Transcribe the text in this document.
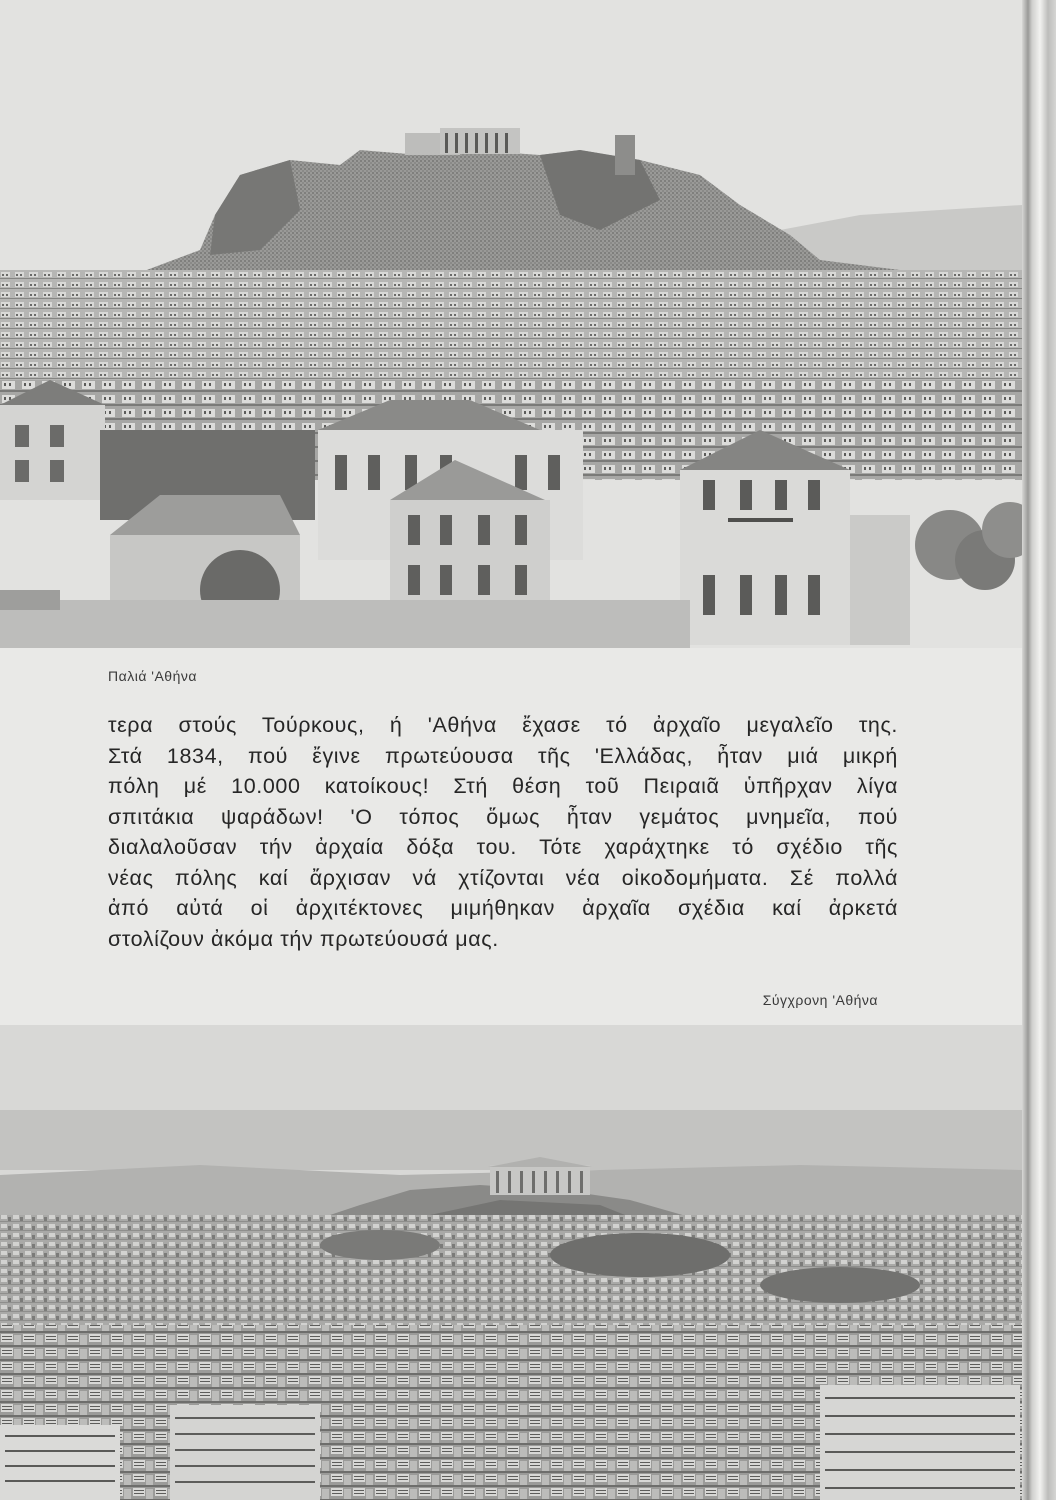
Παλιά 'Αθήνα
τερα στούς Τούρκους, ή 'Αθήνα ἔχασε τό ἀρχαῖο μεγαλεῖο της.
Στά 1834, πού ἔγινε πρωτεύουσα τῆς 'Ελλάδας, ἦταν μιά μικρή
πόλη μέ 10.000 κατοίκους! Στή θέση τοῦ Πειραιᾶ ὑπῆρχαν λίγα
σπιτάκια ψαράδων! 'Ο τόπος ὅμως ἦταν γεμάτος μνημεῖα, πού
διαλαλοῦσαν τήν ἀρχαία δόξα του. Τότε χαράχτηκε τό σχέδιο τῆς
νέας πόλης καί ἄρχισαν νά χτίζονται νέα οἰκοδομήματα. Σέ πολλά
ἀπό αὐτά οἱ ἀρχιτέκτονες μιμήθηκαν ἀρχαῖα σχέδια καί ἀρκετά
στολίζουν ἀκόμα τήν πρωτεύουσά μας.
Σύγχρονη 'Αθήνα
